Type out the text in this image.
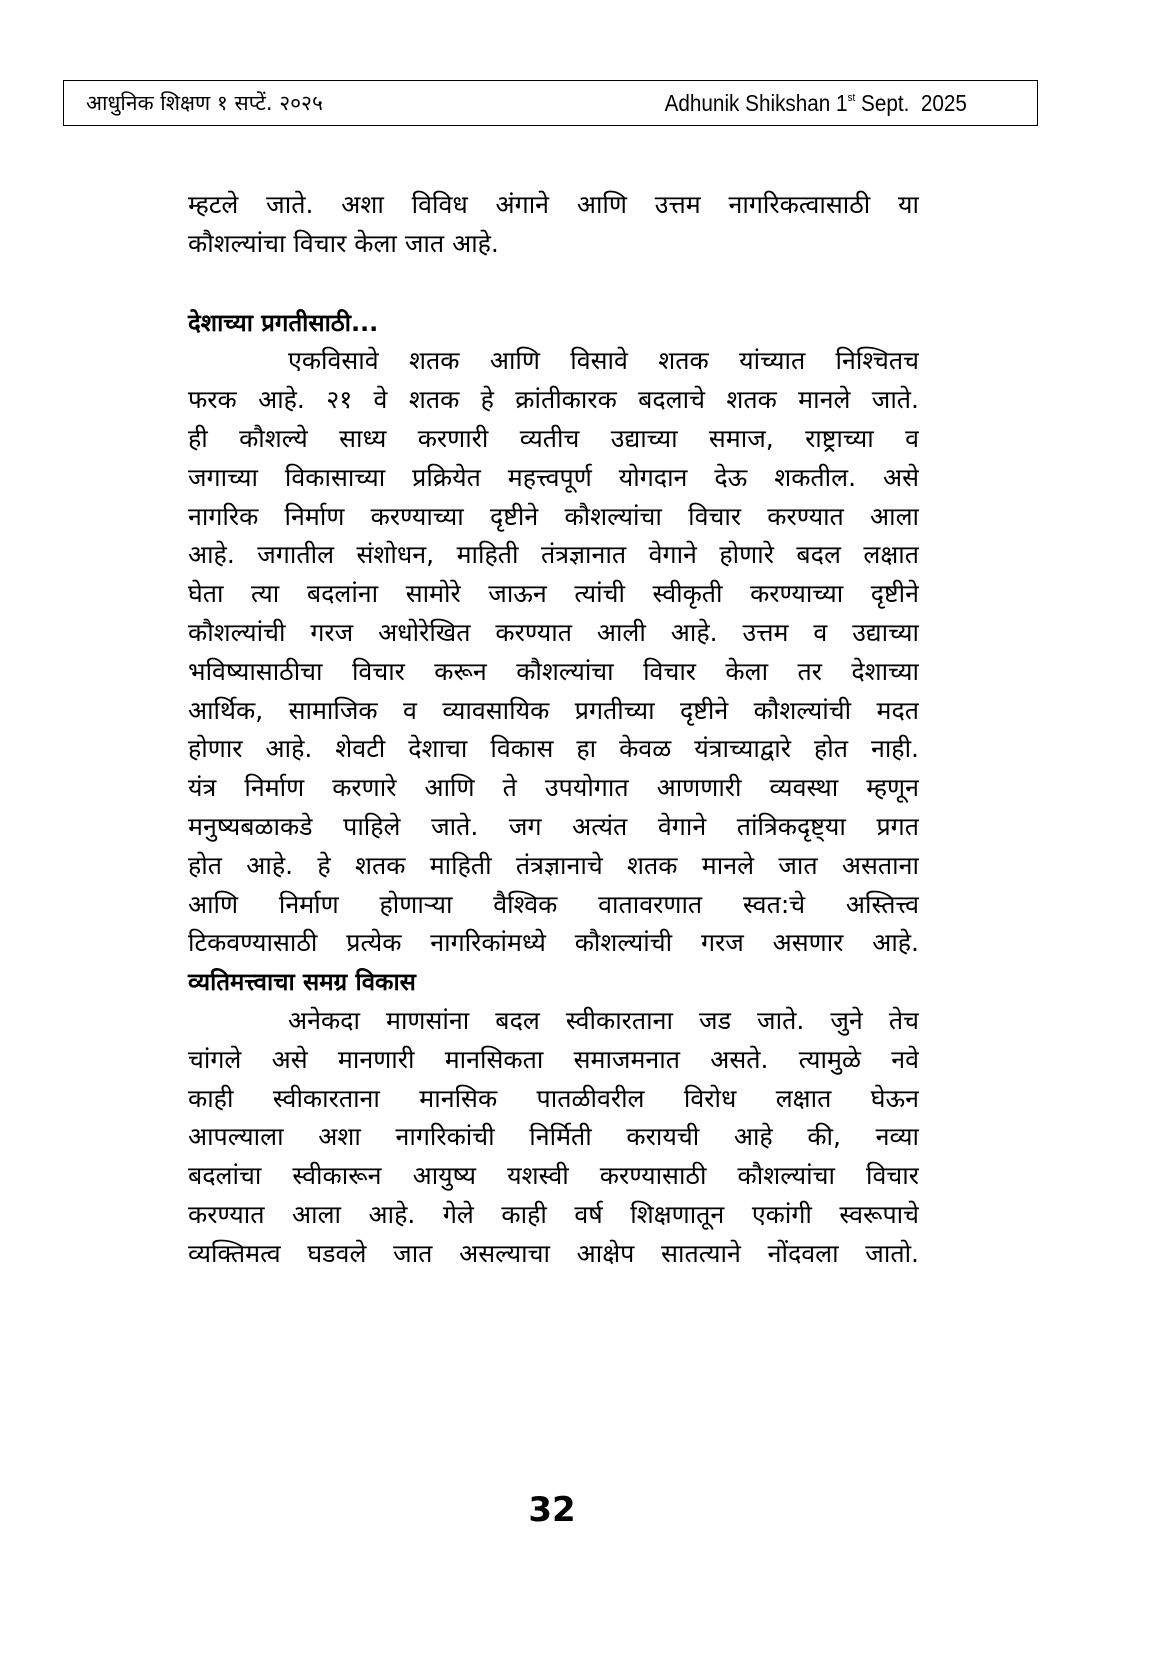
आधुनिक शिक्षण १ सप्टें. २०२५	Adhunik Shikshan 1st Sept.  2025
म्हटले जाते. अशा विविध अंगाने आणि उत्तम नागरिकत्वासाठी या
कौशल्यांचा विचार केला जात आहे.
देशाच्या प्रगतीसाठी...
एकविसावे शतक आणि विसावे शतक यांच्यात निश्चितच
फरक आहे. २१ वे शतक हे क्रांतीकारक बदलाचे शतक मानले जाते.
ही कौशल्ये साध्य करणारी व्यतीच उद्याच्या समाज, राष्ट्राच्या व
जगाच्या विकासाच्या प्रक्रियेत महत्त्वपूर्ण योगदान देऊ शकतील. असे
नागरिक निर्माण करण्याच्या दृष्टीने कौशल्यांचा विचार करण्यात आला
आहे. जगातील संशोधन, माहिती तंत्रज्ञानात वेगाने होणारे बदल लक्षात
घेता त्या बदलांना सामोरे जाऊन त्यांची स्वीकृती करण्याच्या दृष्टीने
कौशल्यांची गरज अधोरेखित करण्यात आली आहे. उत्तम व उद्याच्या
भविष्यासाठीचा विचार करून कौशल्यांचा विचार केला तर देशाच्या
आर्थिक, सामाजिक व व्यावसायिक प्रगतीच्या दृष्टीने कौशल्यांची मदत
होणार आहे. शेवटी देशाचा विकास हा केवळ यंत्राच्याद्वारे होत नाही.
यंत्र निर्माण करणारे आणि ते उपयोगात आणणारी व्यवस्था म्हणून
मनुष्यबळाकडे पाहिले जाते. जग अत्यंत वेगाने तांत्रिकदृष्ट्या प्रगत
होत आहे. हे शतक माहिती तंत्रज्ञानाचे शतक मानले जात असताना
आणि निर्माण होणाऱ्या वैश्विक वातावरणात स्वत:चे अस्तित्त्व
टिकवण्यासाठी प्रत्येक नागरिकांमध्ये कौशल्यांची गरज असणार आहे.
व्यतिमत्त्वाचा समग्र विकास
अनेकदा माणसांना बदल स्वीकारताना जड जाते. जुने तेच
चांगले असे मानणारी मानसिकता समाजमनात असते. त्यामुळे नवे
काही स्वीकारताना मानसिक पातळीवरील विरोध लक्षात घेऊन
आपल्याला अशा नागरिकांची निर्मिती करायची आहे की, नव्या
बदलांचा स्वीकारून आयुष्य यशस्वी करण्यासाठी कौशल्यांचा विचार
करण्यात आला आहे. गेले काही वर्ष शिक्षणातून एकांगी स्वरूपाचे
व्यक्तिमत्व घडवले जात असल्याचा आक्षेप सातत्याने नोंदवला जातो.
32
